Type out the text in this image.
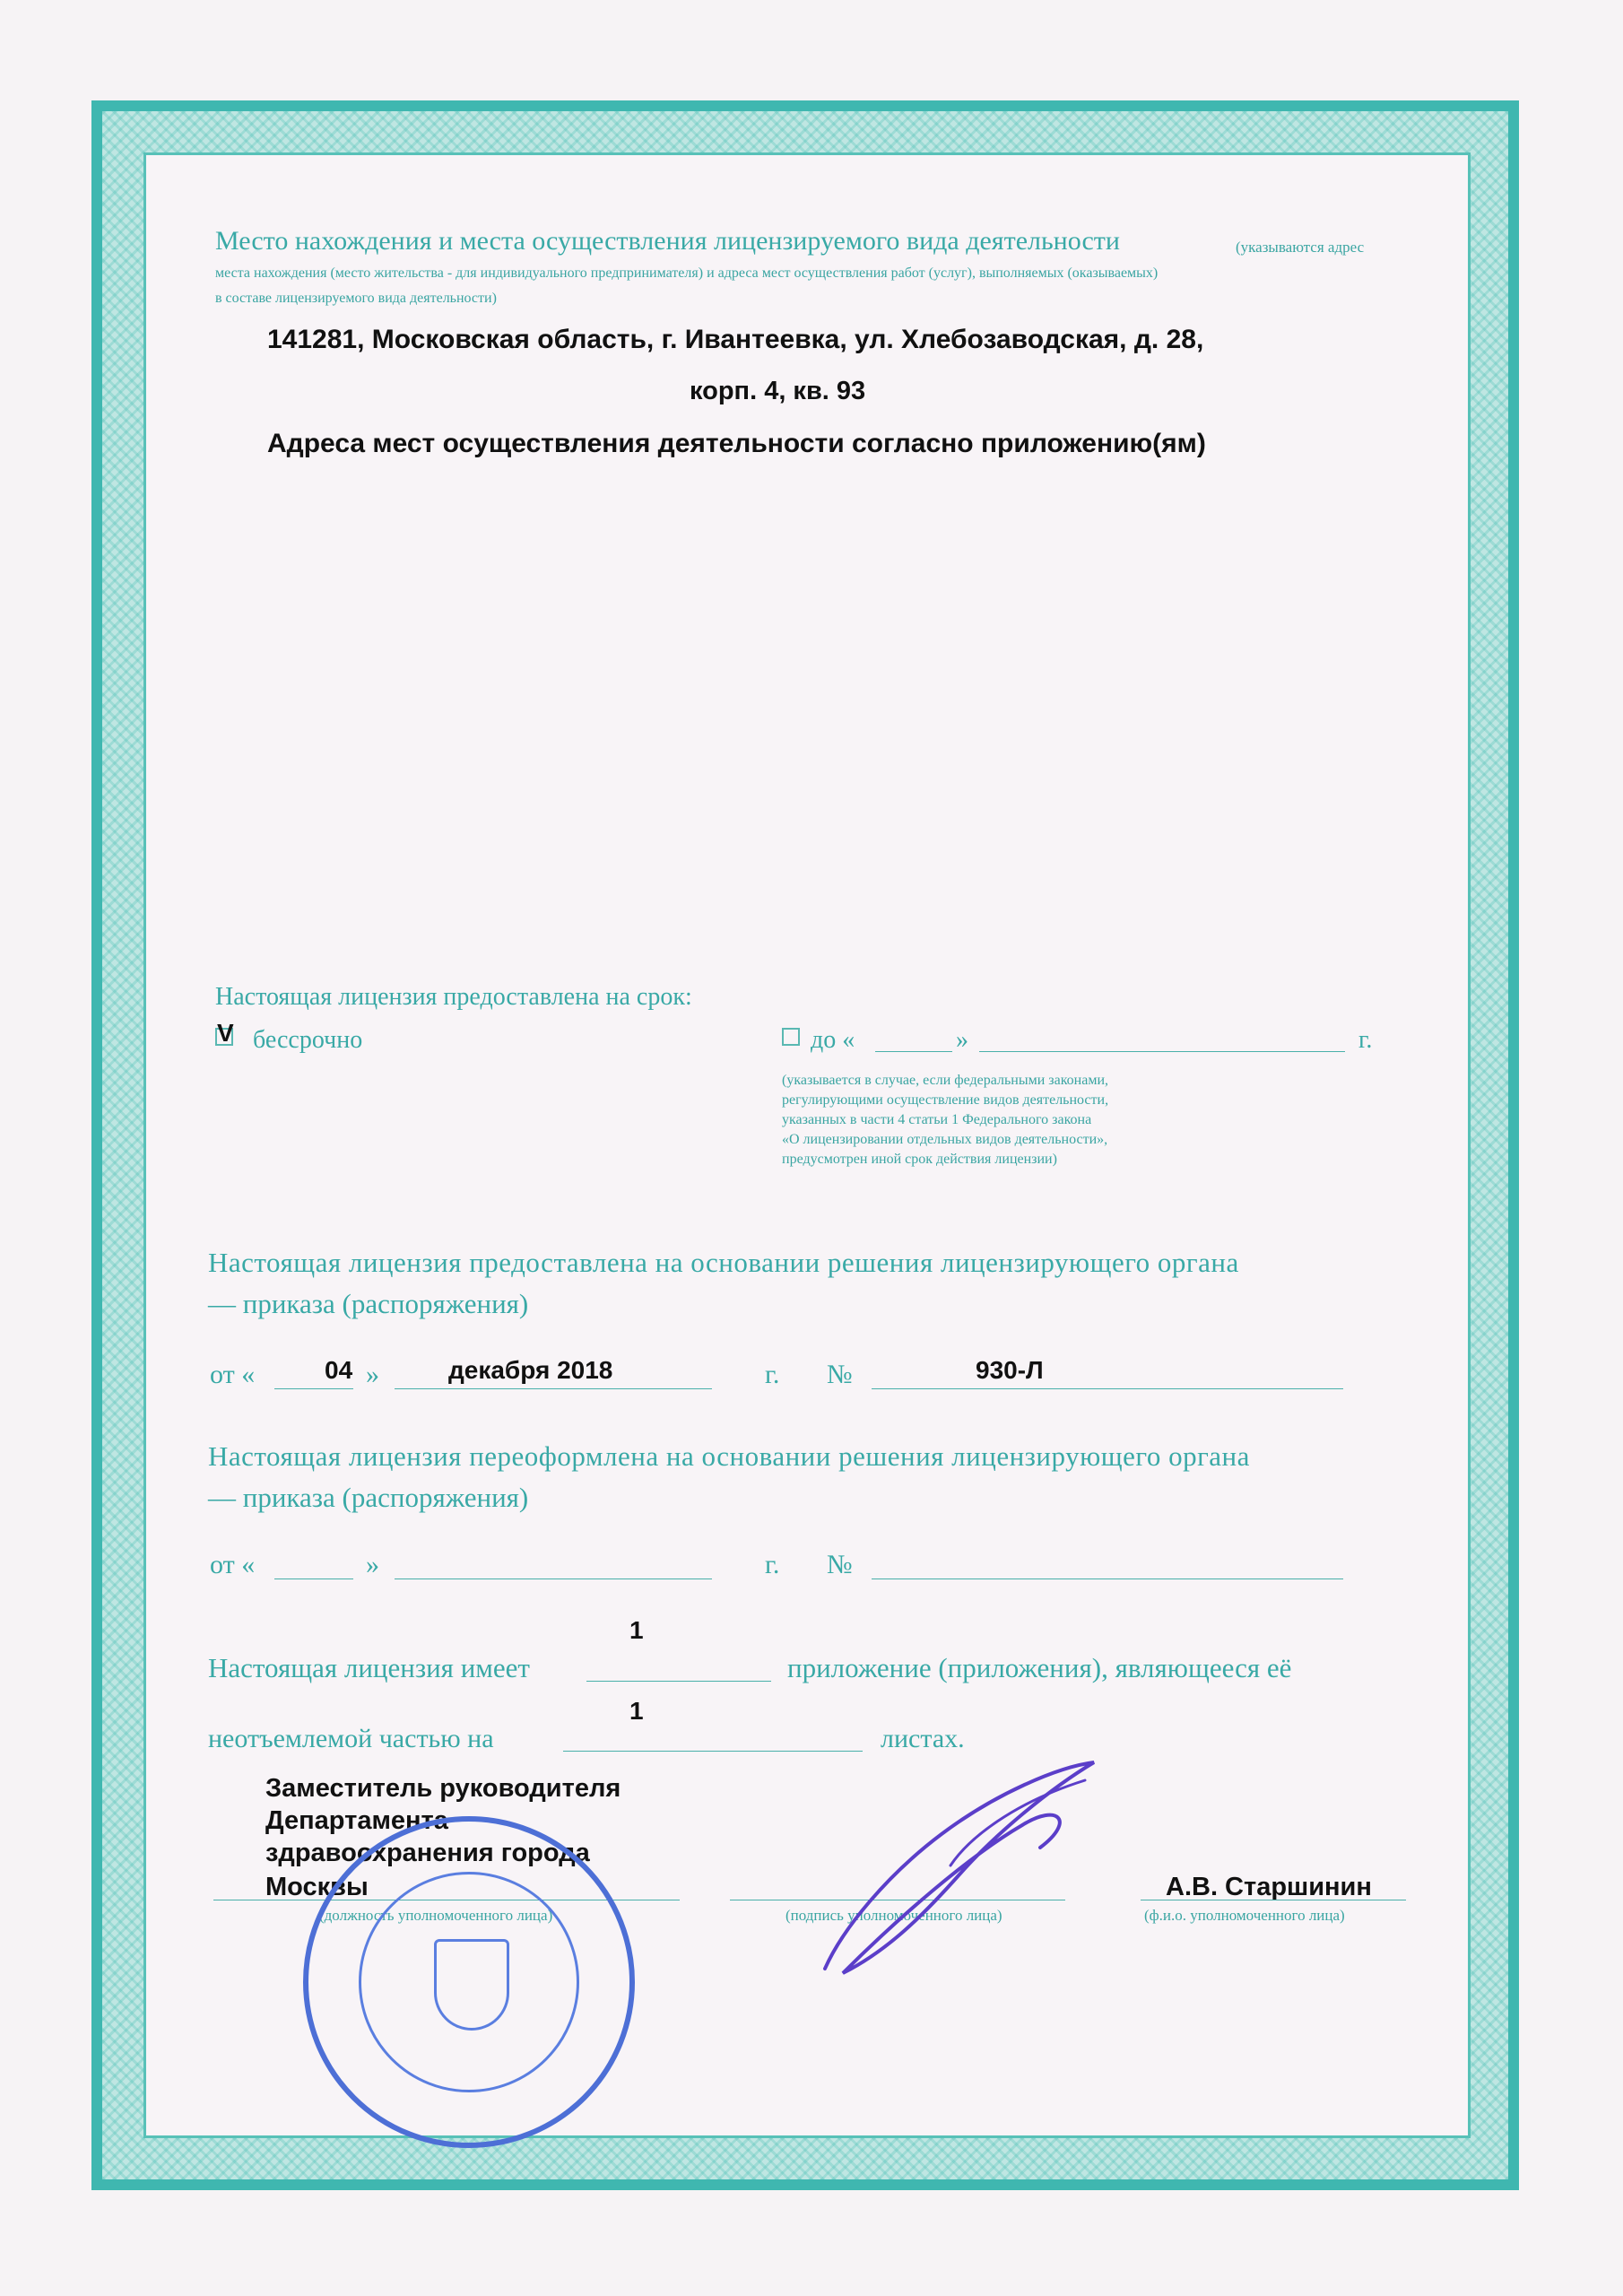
Место нахождения и места осуществления лицензируемого вида деятельности	(указываются адрес
места нахождения (место жительства - для индивидуального предпринимателя) и адреса мест осуществления работ (услуг), выполняемых (оказываемых)
в составе лицензируемого вида деятельности)
141281, Московская область, г. Ивантеевка, ул. Хлебозаводская, д. 28,
корп. 4, кв. 93
Адреса мест осуществления деятельности согласно приложению(ям)
Настоящая лицензия предоставлена на срок:
V бессрочно	до «	»	г.
(указывается в случае, если федеральными законами,
регулирующими осуществление видов деятельности,
указанных в части 4 статьи 1 Федерального закона
«О лицензировании отдельных видов деятельности»,
предусмотрен иной срок действия лицензии)
Настоящая лицензия предоставлена на основании решения лицензирующего органа
— приказа (распоряжения)
от «	04 »	декабря 2018	г. №	930-Л
Настоящая лицензия переоформлена на основании решения лицензирующего органа
— приказа (распоряжения)
от «	»	г. №
1
Настоящая лицензия имеет	приложение (приложения), являющееся её
1
неотъемлемой частью на	листах.
Заместитель руководителя
Департамента
здравоохранения города
Москвы	А.В. Старшинин
(должность уполномоченного лица)	(подпись уполномоченного лица)	(ф.и.о. уполномоченного лица)
